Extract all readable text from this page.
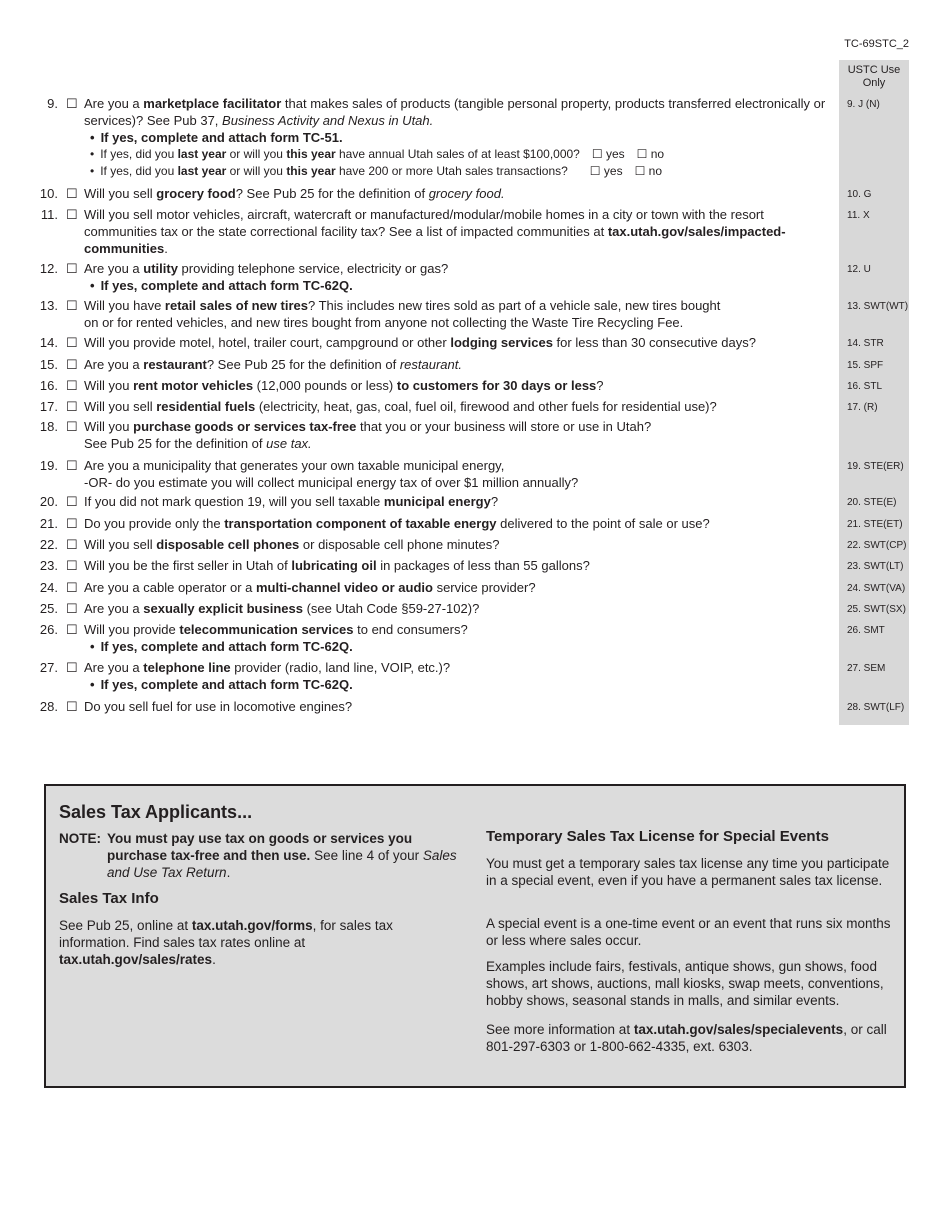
TC-69STC_2
USTC Use
Only
9. ☐ Are you a marketplace facilitator that makes sales of products (tangible personal property, products transferred electronically or services)? See Pub 37, Business Activity and Nexus in Utah.
• If yes, complete and attach form TC-51.
• If yes, did you last year or will you this year have annual Utah sales of at least $100,000? ☐ yes ☐ no
• If yes, did you last year or will you this year have 200 or more Utah sales transactions? ☐ yes ☐ no
9. J (N)
10. ☐ Will you sell grocery food? See Pub 25 for the definition of grocery food.	10. G
11. ☐ Will you sell motor vehicles, aircraft, watercraft or manufactured/modular/mobile homes in a city or town with the resort communities tax or the state correctional facility tax? See a list of impacted communities at tax.utah.gov/sales/impacted-communities.
11. X
12. ☐ Are you a utility providing telephone service, electricity or gas?
• If yes, complete and attach form TC-62Q.
12. U
13. ☐ Will you have retail sales of new tires? This includes new tires sold as part of a vehicle sale, new tires bought
on or for rented vehicles, and new tires bought from anyone not collecting the Waste Tire Recycling Fee.
13. SWT(WT)
14. ☐ Will you provide motel, hotel, trailer court, campground or other lodging services for less than 30 consecutive days?	14. STR
15. ☐ Are you a restaurant? See Pub 25 for the definition of restaurant.	15. SPF
16. ☐ Will you rent motor vehicles (12,000 pounds or less) to customers for 30 days or less?	16. STL
17. ☐ Will you sell residential fuels (electricity, heat, gas, coal, fuel oil, firewood and other fuels for residential use)?	17. (R)
18. ☐ Will you purchase goods or services tax-free that you or your business will store or use in Utah?
See Pub 25 for the definition of use tax.
19. ☐ Are you a municipality that generates your own taxable municipal energy,
-OR- do you estimate you will collect municipal energy tax of over $1 million annually?
19. STE(ER)
20. ☐ If you did not mark question 19, will you sell taxable municipal energy?	20. STE(E)
21. ☐ Do you provide only the transportation component of taxable energy delivered to the point of sale or use?	21. STE(ET)
22. ☐ Will you sell disposable cell phones or disposable cell phone minutes?	22. SWT(CP)
23. ☐ Will you be the first seller in Utah of lubricating oil in packages of less than 55 gallons?	23. SWT(LT)
24. ☐ Are you a cable operator or a multi-channel video or audio service provider?	24. SWT(VA)
25. ☐ Are you a sexually explicit business (see Utah Code §59-27-102)?	25. SWT(SX)
26. ☐ Will you provide telecommunication services to end consumers?
• If yes, complete and attach form TC-62Q.
26. SMT
27. ☐ Are you a telephone line provider (radio, land line, VOIP, etc.)?
• If yes, complete and attach form TC-62Q.
27. SEM
28. ☐ Do you sell fuel for use in locomotive engines?	28. SWT(LF)
Sales Tax Applicants...
NOTE: You must pay use tax on goods or services you
purchase tax-free and then use. See line 4 of your Sales and Use Tax Return.
Sales Tax Info

See Pub 25, online at tax.utah.gov/forms, for sales tax information. Find sales tax rates online at tax.utah.gov/sales/rates.

Temporary Sales Tax License for Special Events

You must get a temporary sales tax license any time you participate in a special event, even if you have a permanent sales tax license.

A special event is a one-time event or an event that runs six months or less where sales occur.

Examples include fairs, festivals, antique shows, gun shows, food shows, art shows, auctions, mall kiosks, swap meets, conventions, hobby shows, seasonal stands in malls, and similar events.

See more information at tax.utah.gov/sales/specialevents, or call 801-297-6303 or 1-800-662-4335, ext. 6303.
